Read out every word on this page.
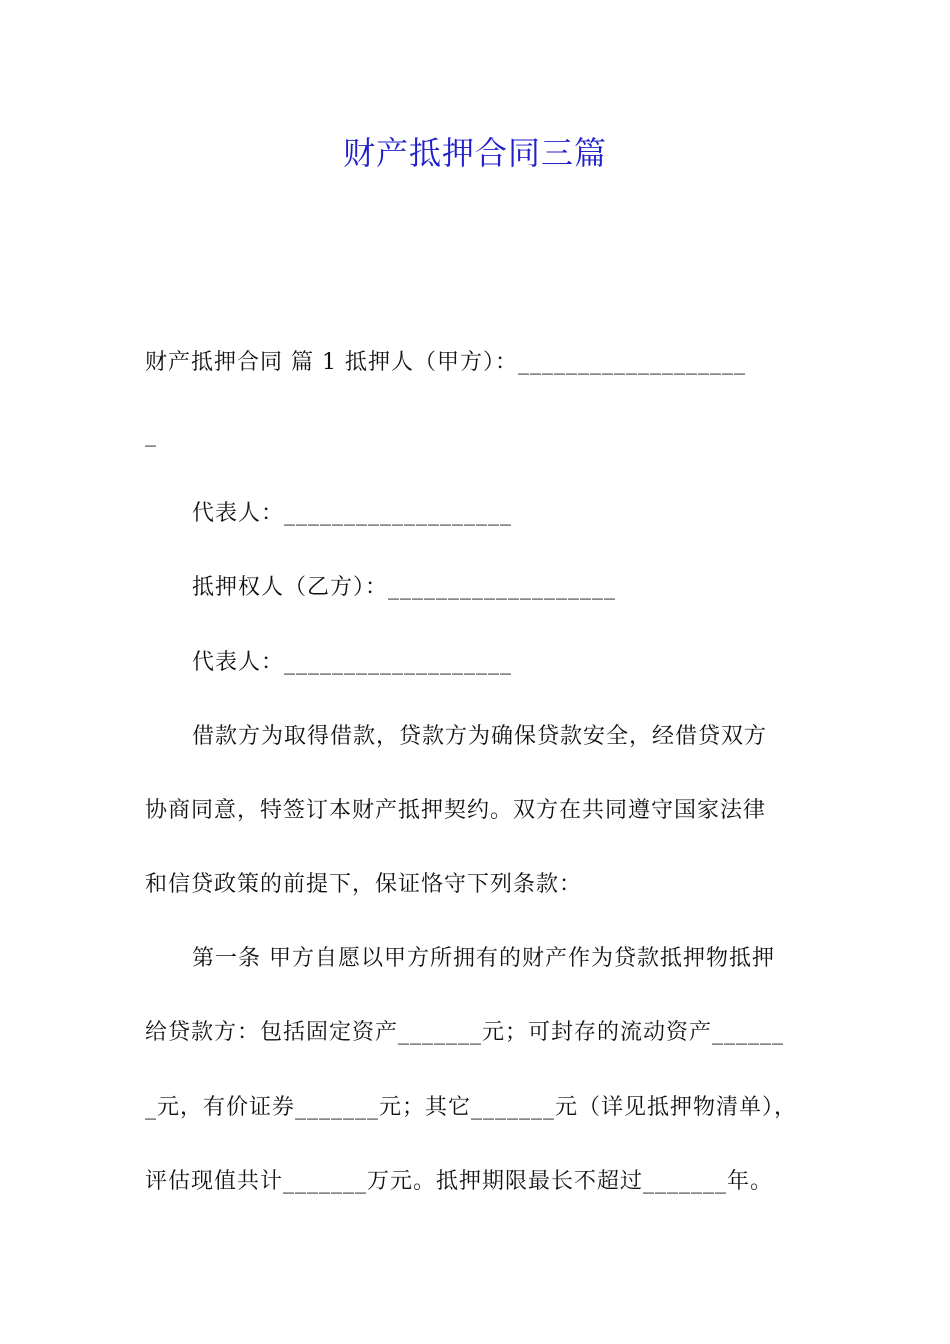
财产抵押合同三篇
财产抵押合同 篇 1 抵押人（甲方）：___________________
_
代表人：___________________
抵押权人（乙方）：___________________
代表人：___________________
借款方为取得借款，贷款方为确保贷款安全，经借贷双方
协商同意，特签订本财产抵押契约。双方在共同遵守国家法律
和信贷政策的前提下，保证恪守下列条款：
第一条 甲方自愿以甲方所拥有的财产作为贷款抵押物抵押
给贷款方：包括固定资产_______元；可封存的流动资产______
_元，有价证券_______元；其它_______元（详见抵押物清单），
评估现值共计_______万元。抵押期限最长不超过_______年。
